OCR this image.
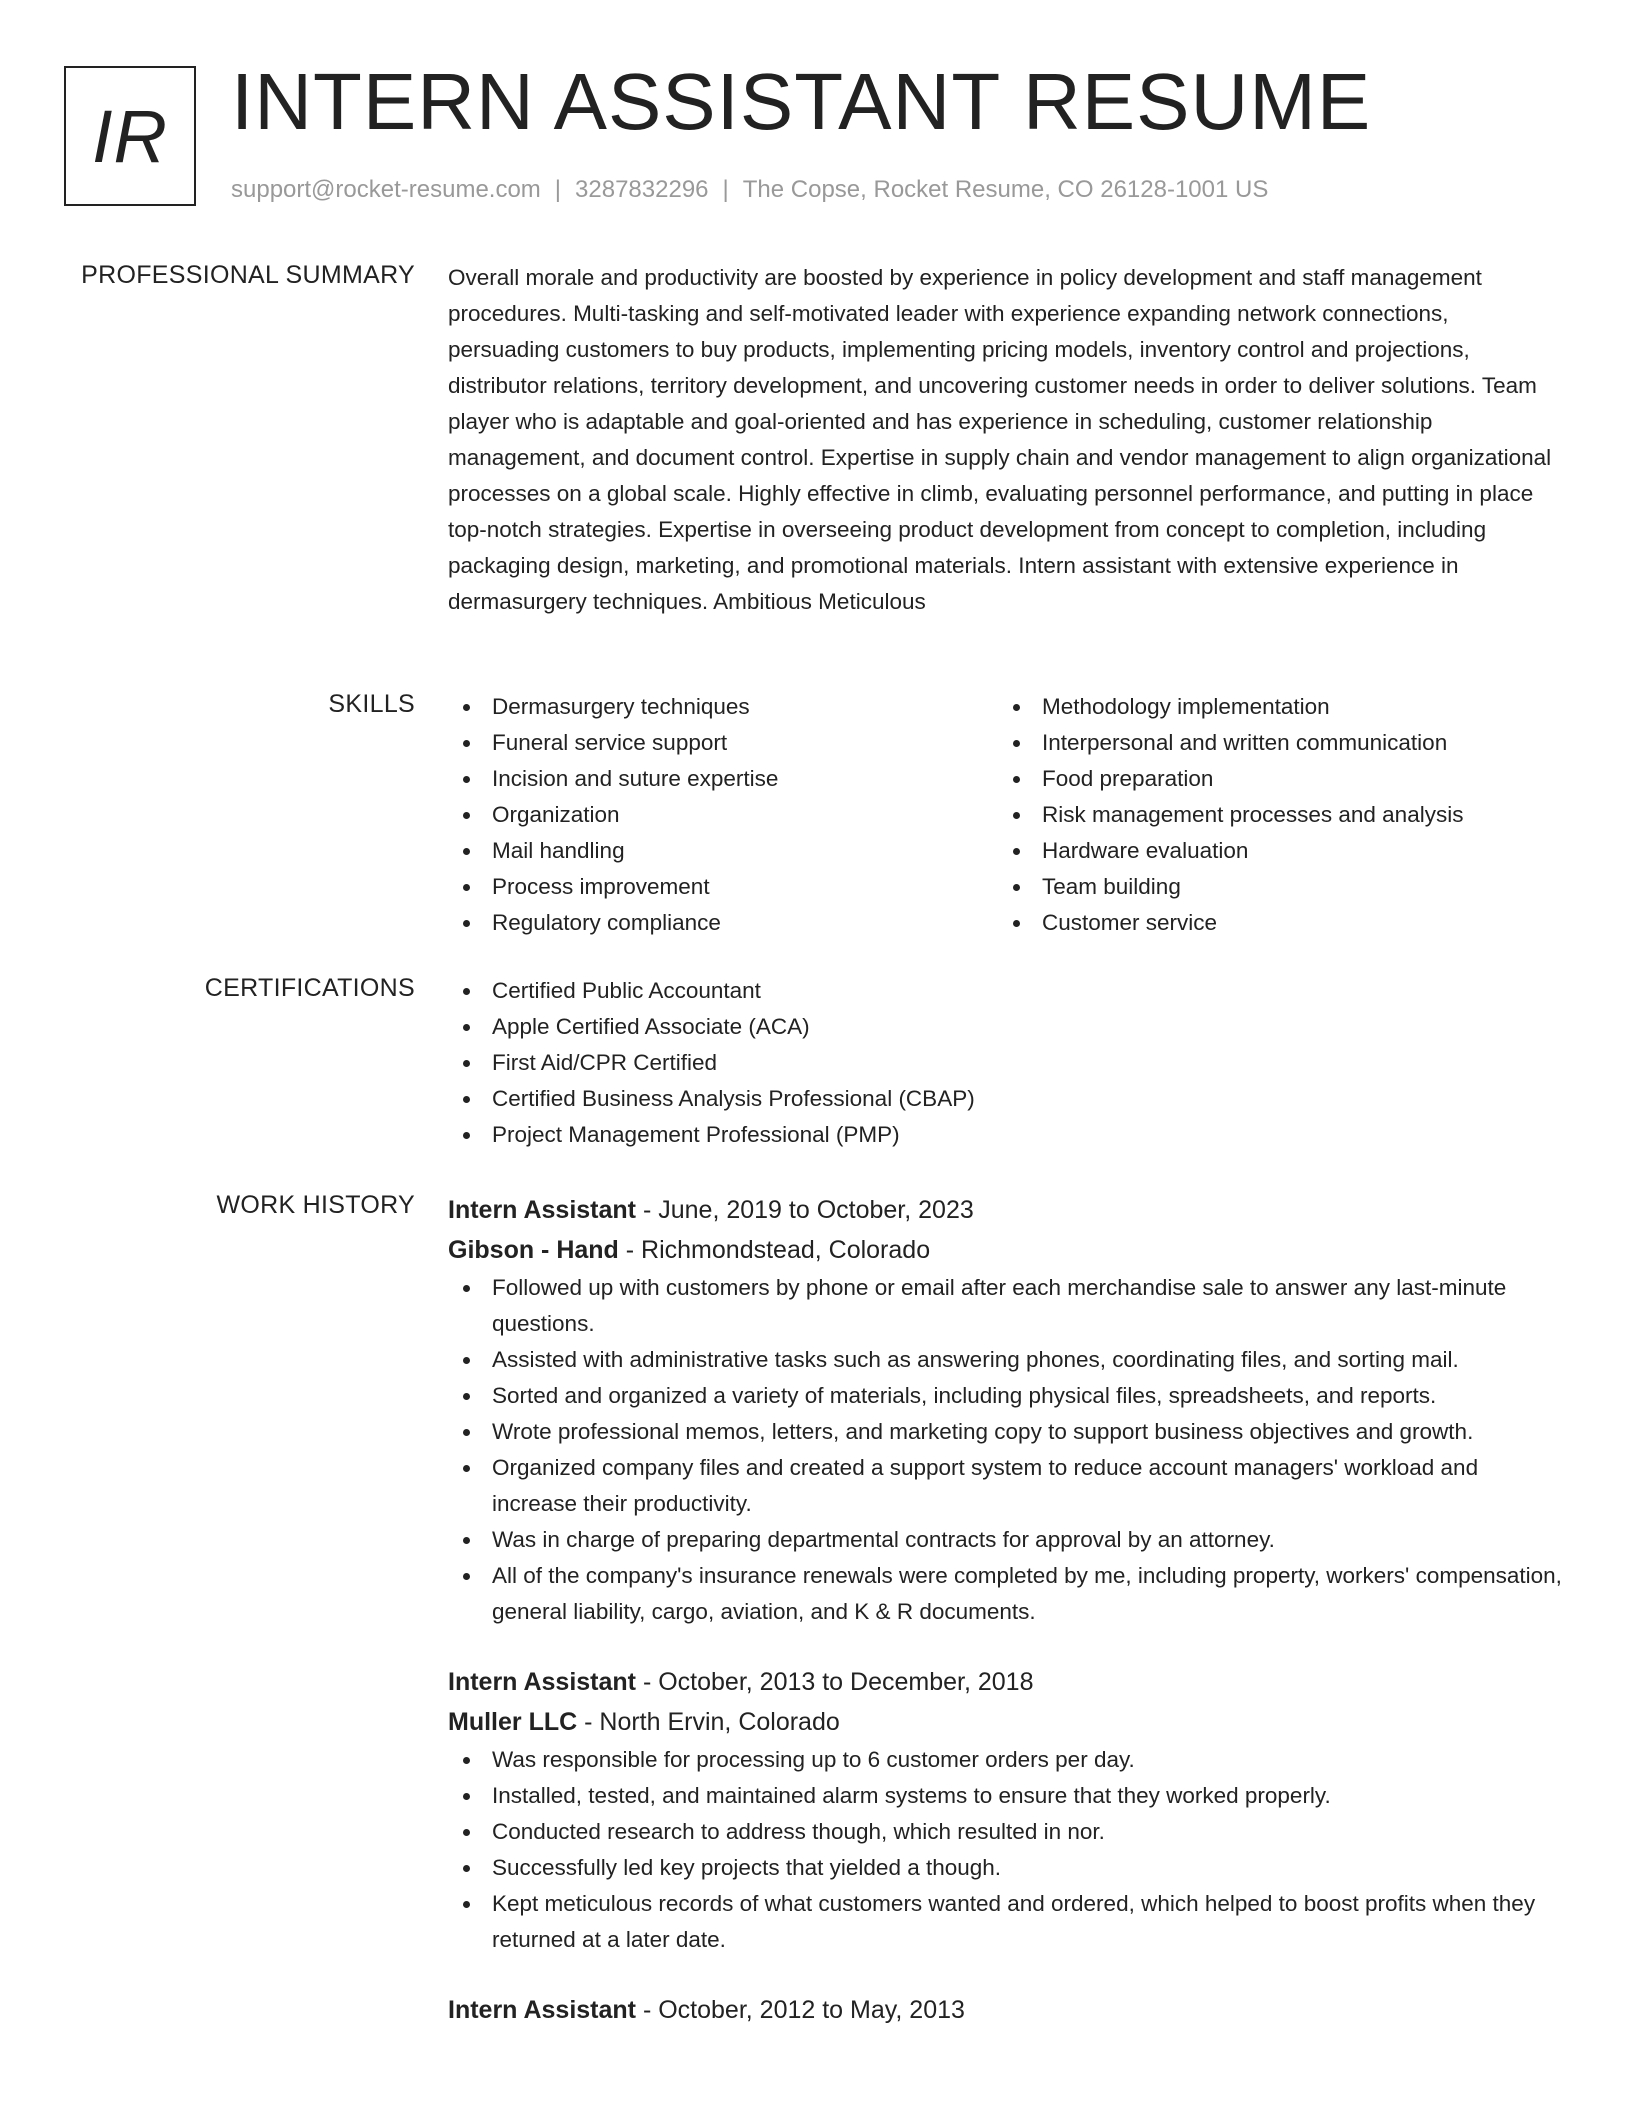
IR INTERN ASSISTANT RESUME
support@rocket-resume.com | 3287832296 | The Copse, Rocket Resume, CO 26128-1001 US
PROFESSIONAL SUMMARY Overall morale and productivity are boosted by experience in policy development and staff management procedures. Multi-tasking and self-motivated leader with experience expanding network connections, persuading customers to buy products, implementing pricing models, inventory control and projections, distributor relations, territory development, and uncovering customer needs in order to deliver solutions. Team player who is adaptable and goal-oriented and has experience in scheduling, customer relationship management, and document control. Expertise in supply chain and vendor management to align organizational processes on a global scale. Highly effective in climb, evaluating personnel performance, and putting in place top-notch strategies. Expertise in overseeing product development from concept to completion, including packaging design, marketing, and promotional materials. Intern assistant with extensive experience in dermasurgery techniques. Ambitious Meticulous

SKILLS	Dermasurgery techniques
Funeral service support
Incision and suture expertise
Organization
Mail handling
Process improvement
Regulatory compliance
Methodology implementation
Interpersonal and written communication
Food preparation
Risk management processes and analysis
Hardware evaluation
Team building
Customer service
CERTIFICATIONS	Certified Public Accountant
Apple Certified Associate (ACA)
First Aid/CPR Certified
Certified Business Analysis Professional (CBAP)
Project Management Professional (PMP)
WORK HISTORY Intern Assistant - June, 2019 to October, 2023
Gibson - Hand - Richmondstead, Colorado
Followed up with customers by phone or email after each merchandise sale to answer any last-minute questions.
Assisted with administrative tasks such as answering phones, coordinating files, and sorting mail.
Sorted and organized a variety of materials, including physical files, spreadsheets, and reports.
Wrote professional memos, letters, and marketing copy to support business objectives and growth.
Organized company files and created a support system to reduce account managers' workload and increase their productivity.
Was in charge of preparing departmental contracts for approval by an attorney.
All of the company's insurance renewals were completed by me, including property, workers' compensation, general liability, cargo, aviation, and K & R documents.
Intern Assistant - October, 2013 to December, 2018
Muller LLC - North Ervin, Colorado
Was responsible for processing up to 6 customer orders per day.
Installed, tested, and maintained alarm systems to ensure that they worked properly.
Conducted research to address though, which resulted in nor.
Successfully led key projects that yielded a though.
Kept meticulous records of what customers wanted and ordered, which helped to boost profits when they returned at a later date.
Intern Assistant - October, 2012 to May, 2013
